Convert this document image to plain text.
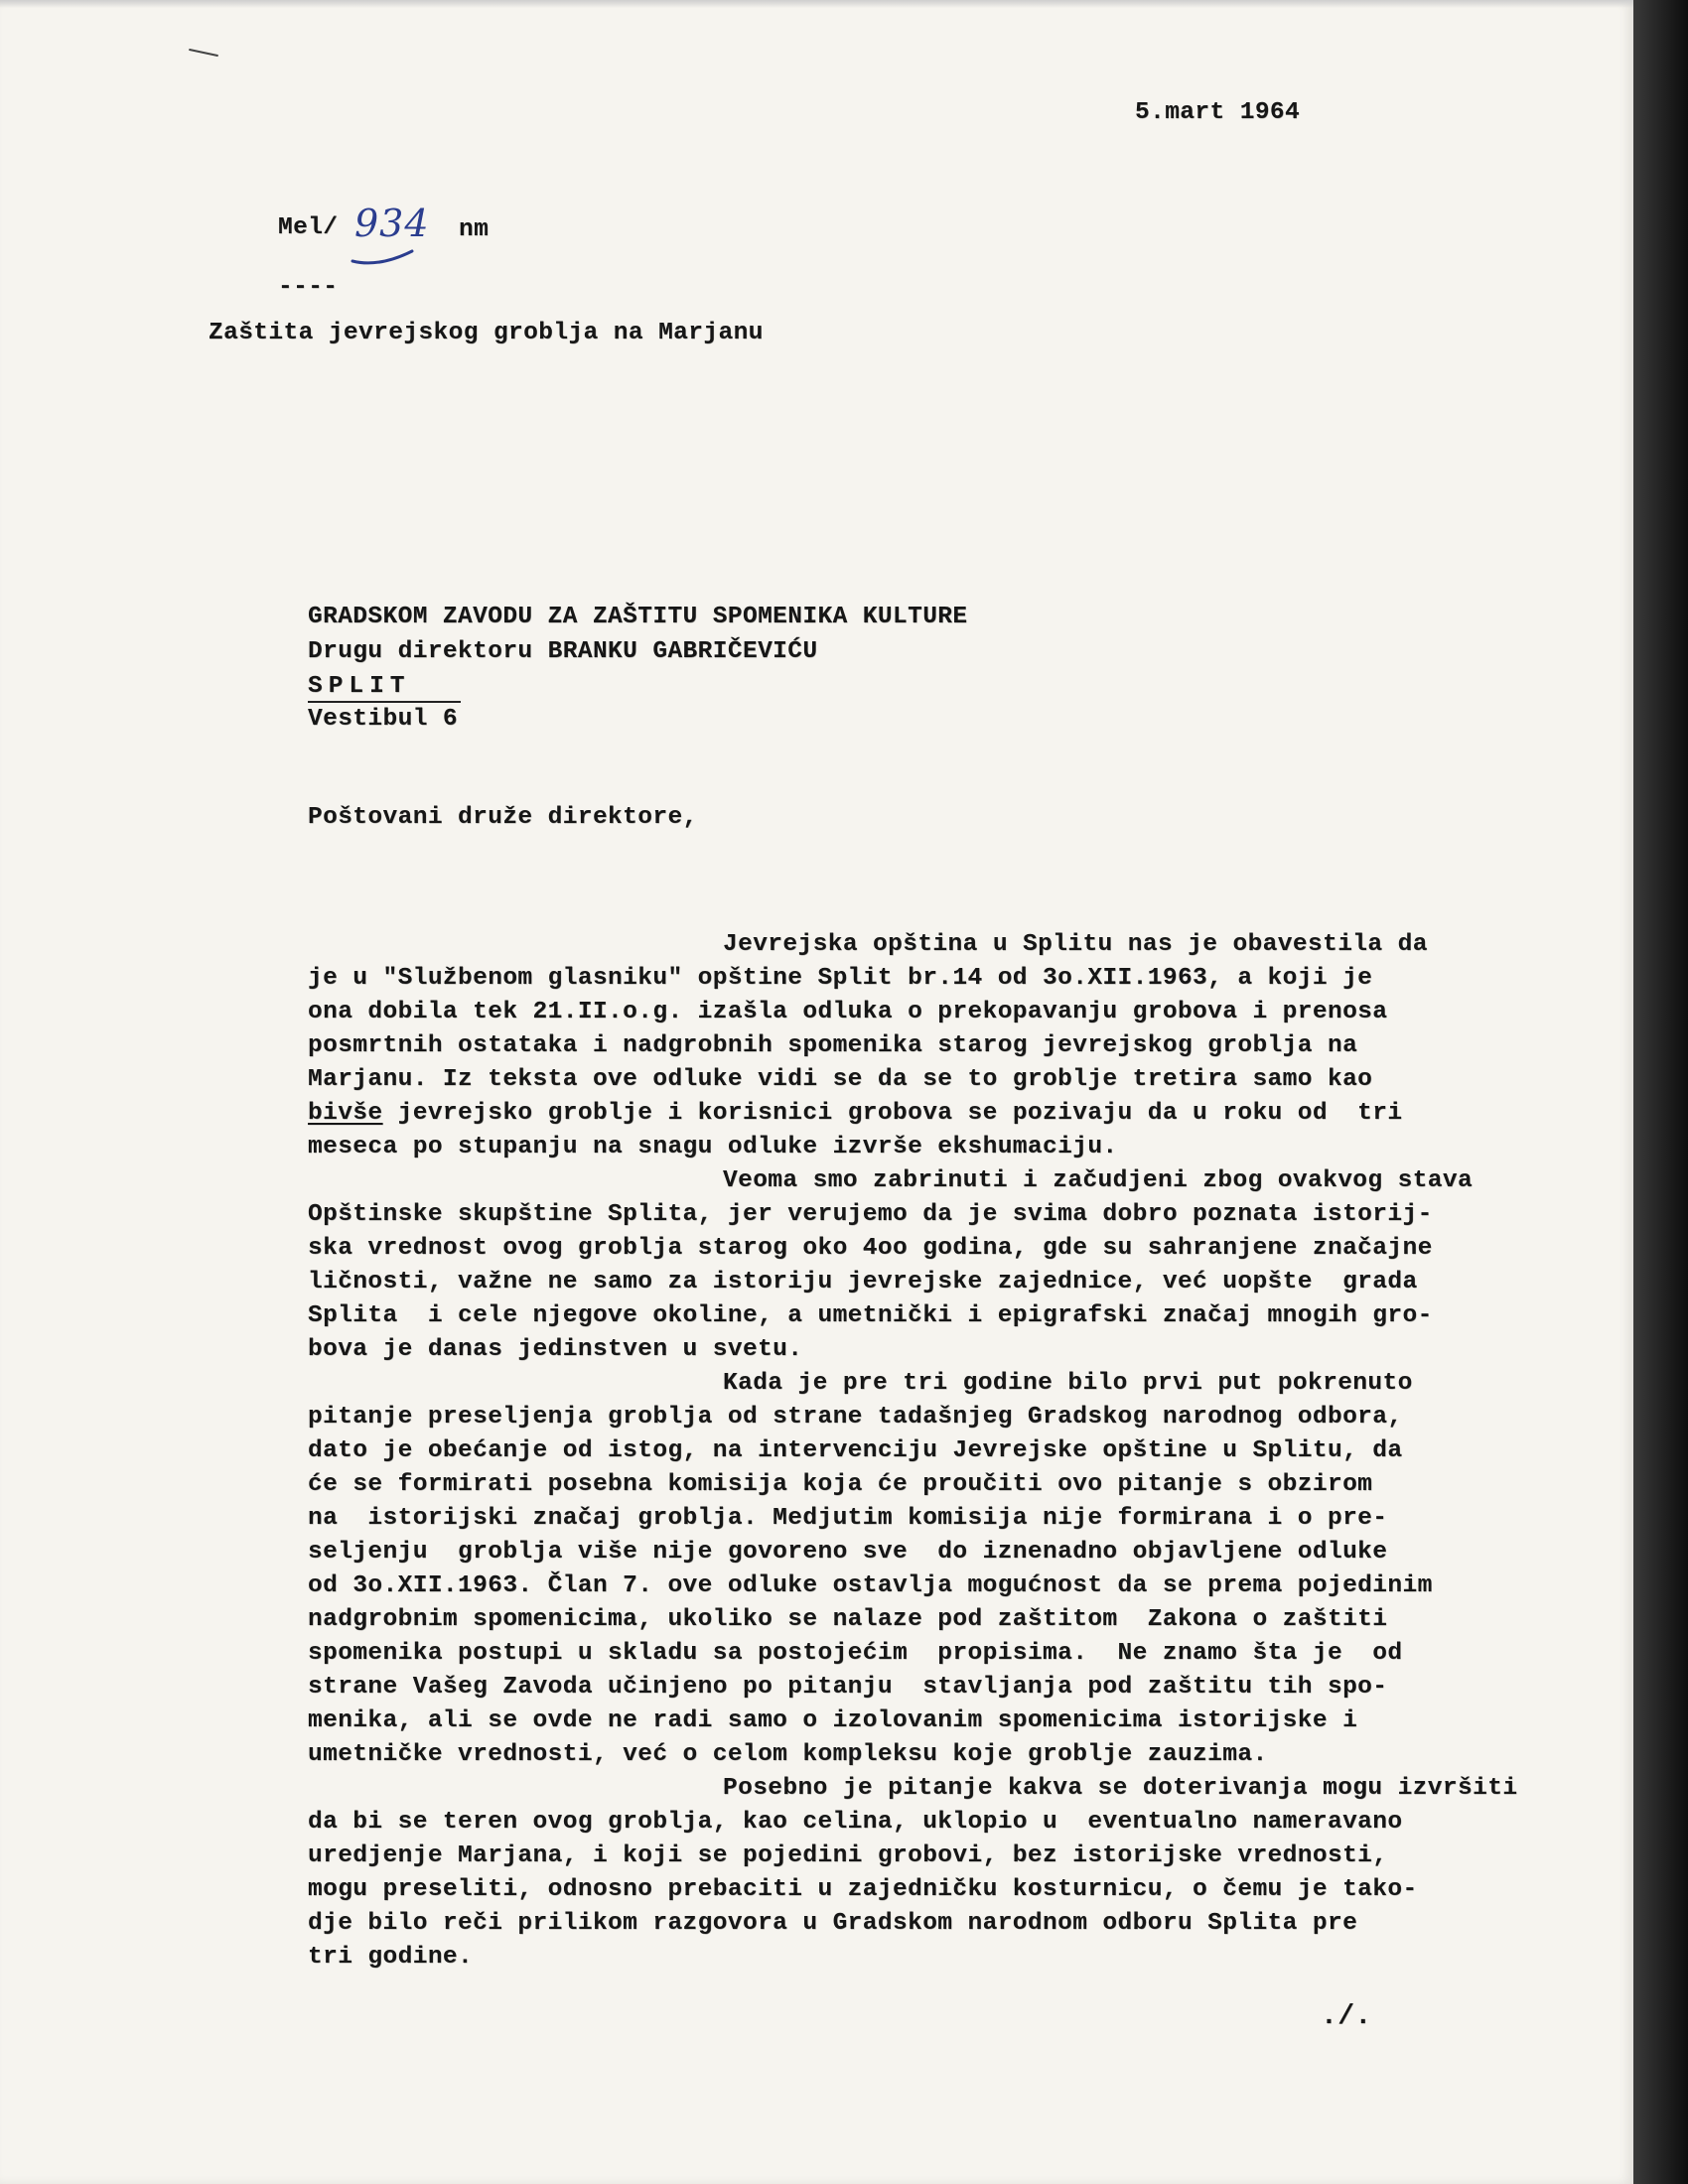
5.mart 1964
Mel/ 934 nm
----
Zaštita jevrejskog groblja na Marjanu
GRADSKOM ZAVODU ZA ZAŠTITU SPOMENIKA KULTURE
Drugu direktoru BRANKU GABRIČEVIĆU
SPLIT
Vestibul 6
Poštovani druže direktore,
Jevrejska opština u Splitu nas je obavestila da
je u "Službenom glasniku" opštine Split br.14 od 3o.XII.1963, a koji je
ona dobila tek 21.II.o.g. izašla odluka o prekopavanju grobova i prenosa
posmrtnih ostataka i nadgrobnih spomenika starog jevrejskog groblja na
Marjanu. Iz teksta ove odluke vidi se da se to groblje tretira samo kao
bivše jevrejsko groblje i korisnici grobova se pozivaju da u roku od  tri
meseca po stupanju na snagu odluke izvrše ekshumaciju.
Veoma smo zabrinuti i začudjeni zbog ovakvog stava
Opštinske skupštine Splita, jer verujemo da je svima dobro poznata istorij-
ska vrednost ovog groblja starog oko 4oo godina, gde su sahranjene značajne
ličnosti, važne ne samo za istoriju jevrejske zajednice, već uopšte  grada
Splita  i cele njegove okoline, a umetnički i epigrafski značaj mnogih gro-
bova je danas jedinstven u svetu.
Kada je pre tri godine bilo prvi put pokrenuto
pitanje preseljenja groblja od strane tadašnjeg Gradskog narodnog odbora,
dato je obećanje od istog, na intervenciju Jevrejske opštine u Splitu, da
će se formirati posebna komisija koja će proučiti ovo pitanje s obzirom
na  istorijski značaj groblja. Medjutim komisija nije formirana i o pre-
seljenju  groblja više nije govoreno sve  do iznenadno objavljene odluke
od 3o.XII.1963. Član 7. ove odluke ostavlja mogućnost da se prema pojedinim
nadgrobnim spomenicima, ukoliko se nalaze pod zaštitom  Zakona o zaštiti
spomenika postupi u skladu sa postojećim  propisima.  Ne znamo šta je  od
strane Vašeg Zavoda učinjeno po pitanju  stavljanja pod zaštitu tih spo-
menika, ali se ovde ne radi samo o izolovanim spomenicima istorijske i
umetničke vrednosti, već o celom kompleksu koje groblje zauzima.
Posebno je pitanje kakva se doterivanja mogu izvršiti
da bi se teren ovog groblja, kao celina, uklopio u  eventualno nameravano
uredjenje Marjana, i koji se pojedini grobovi, bez istorijske vrednosti,
mogu preseliti, odnosno prebaciti u zajedničku kosturnicu, o čemu je tako-
dje bilo reči prilikom razgovora u Gradskom narodnom odboru Splita pre
tri godine.
./.
